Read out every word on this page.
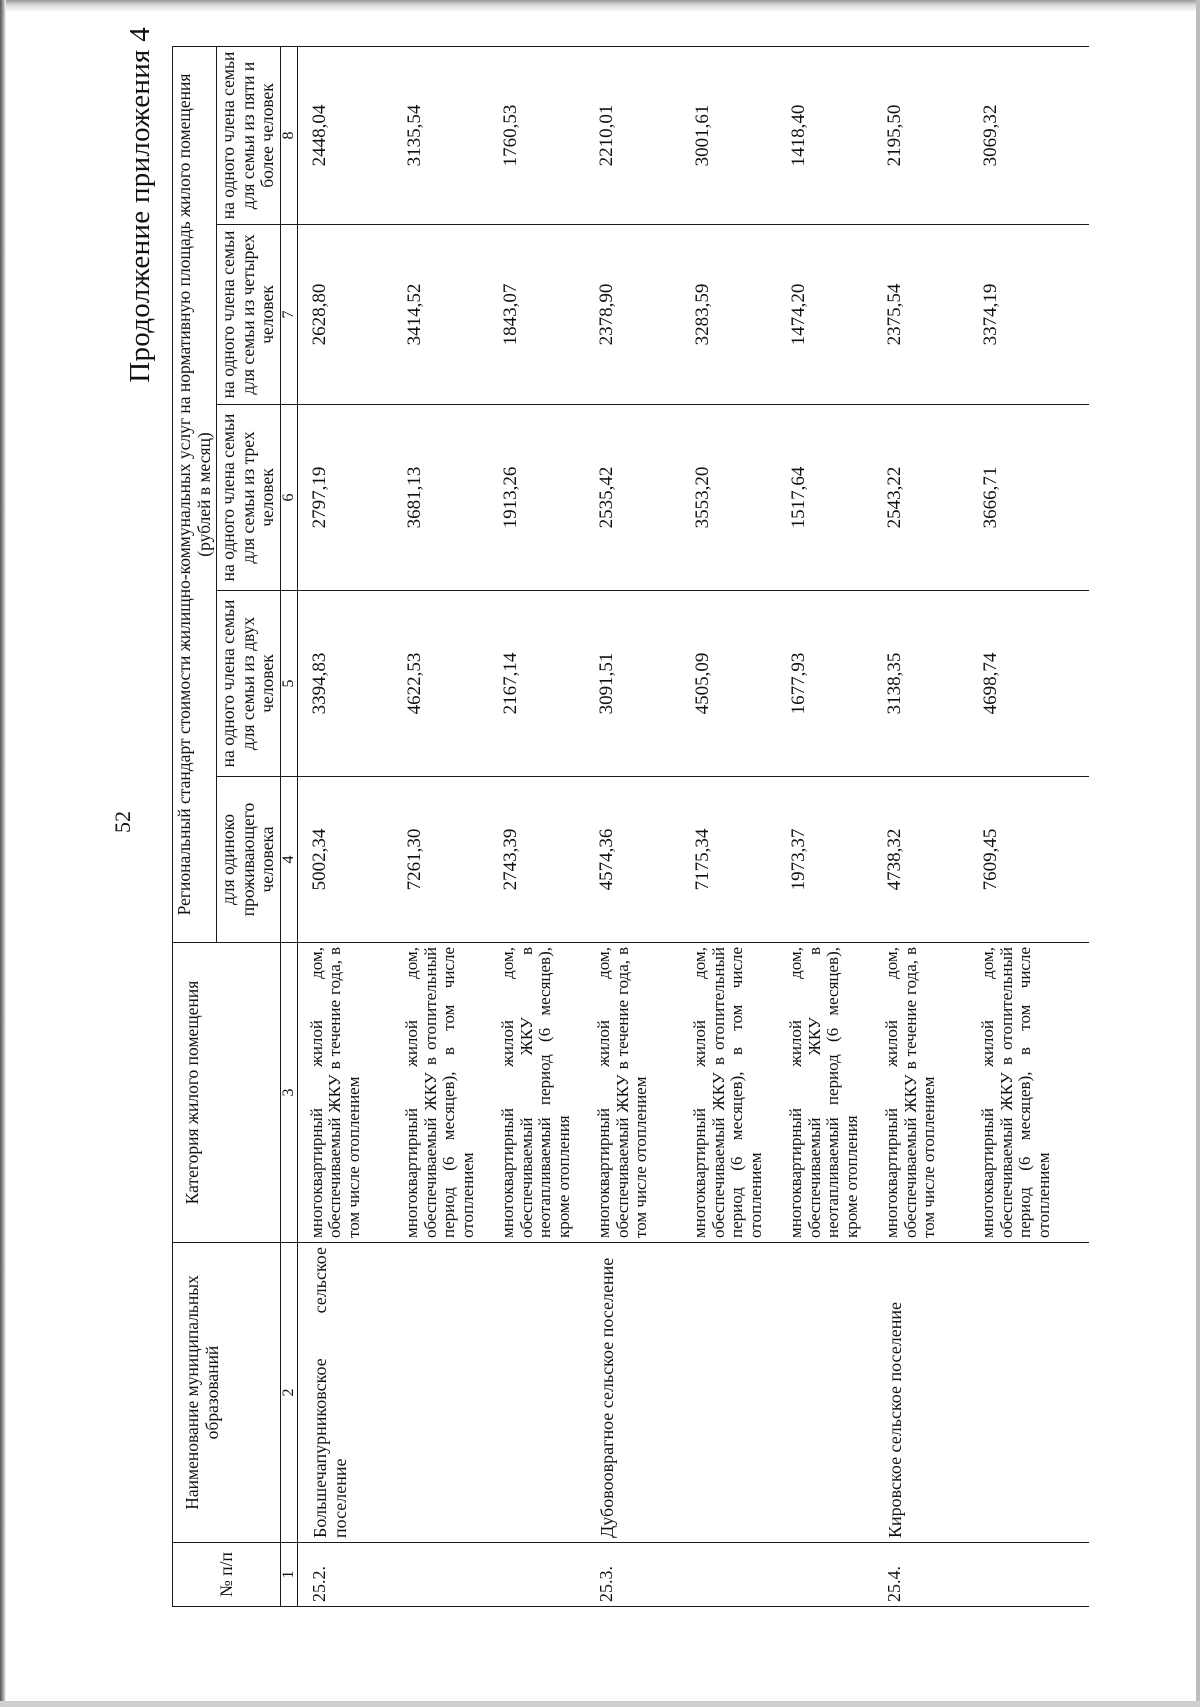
52
Продолжение приложения 4
№ п/п	Наименование муниципальных образований	Категория жилого помещения	Региональный стандарт стоимости жилищно-коммунальных услуг на нормативную площадь жилого помещения (рублей в месяц)				
			для одиноко проживающего человека	на одного члена семьи для семьи из двух человек	на одного члена семьи для семьи из трех человек	на одного члена семьи для семьи из четырех человек	на одного члена семьи для семьи из пяти и более человек
1	2	3	4	5	6	7	8
25.2.	Большечапурниковское сельское поселение	многоквартирный жилой дом, обеспечиваемый ЖКУ в течение года, в том числе отоплением	5002,34	3394,83	2797,19	2628,80	2448,04
		многоквартирный жилой дом, обеспечиваемый ЖКУ в отопительный период (6 месяцев), в том числе отоплением	7261,30	4622,53	3681,13	3414,52	3135,54
		многоквартирный жилой дом, обеспечиваемый ЖКУ в неотапливаемый период (6 месяцев), кроме отопления	2743,39	2167,14	1913,26	1843,07	1760,53
25.3.	Дубовооврагное сельское поселение	многоквартирный жилой дом, обеспечиваемый ЖКУ в течение года, в том числе отоплением	4574,36	3091,51	2535,42	2378,90	2210,01
		многоквартирный жилой дом, обеспечиваемый ЖКУ в отопительный период (6 месяцев), в том числе отоплением	7175,34	4505,09	3553,20	3283,59	3001,61
		многоквартирный жилой дом, обеспечиваемый ЖКУ в неотапливаемый период (6 месяцев), кроме отопления	1973,37	1677,93	1517,64	1474,20	1418,40
25.4.	Кировское сельское поселение	многоквартирный жилой дом, обеспечиваемый ЖКУ в течение года, в том числе отоплением	4738,32	3138,35	2543,22	2375,54	2195,50
		многоквартирный жилой дом, обеспечиваемый ЖКУ в отопительный период (6 месяцев), в том числе отоплением	7609,45	4698,74	3666,71	3374,19	3069,32
